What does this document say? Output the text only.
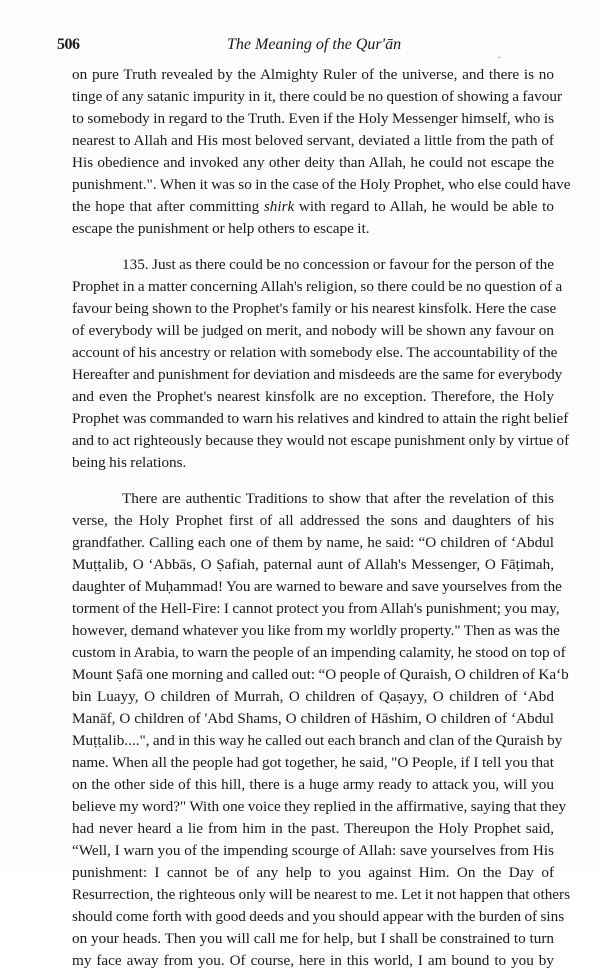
506	The Meaning of the Qur'ān
.
on pure Truth revealed by the Almighty Ruler of the universe, and there is no
tinge of any satanic impurity in it, there could be no question of showing a favour
to somebody in regard to the Truth. Even if the Holy Messenger himself, who is
nearest to Allah and His most beloved servant, deviated a little from the path of
His obedience and invoked any other deity than Allah, he could not escape the
punishment.". When it was so in the case of the Holy Prophet, who else could have
the hope that after committing shirk with regard to Allah, he would be able to
escape the punishment or help others to escape it.
135. Just as there could be no concession or favour for the person of the
Prophet in a matter concerning Allah's religion, so there could be no question of a
favour being shown to the Prophet's family or his nearest kinsfolk. Here the case
of everybody will be judged on merit, and nobody will be shown any favour on
account of his ancestry or relation with somebody else. The accountability of the
Hereafter and punishment for deviation and misdeeds are the same for everybody
and even the Prophet's nearest kinsfolk are no exception. Therefore, the Holy
Prophet was commanded to warn his relatives and kindred to attain the right belief
and to act righteously because they would not escape punishment only by virtue of
being his relations.
There are authentic Traditions to show that after the revelation of this
verse, the Holy Prophet first of all addressed the sons and daughters of his
grandfather. Calling each one of them by name, he said: “O children of ‘Abdul
Muṭṭalib, O ‘Abbās, O Ṣafiah, paternal aunt of Allah's Messenger, O Fāṭimah,
daughter of Muḥammad! You are warned to beware and save yourselves from the
torment of the Hell-Fire: I cannot protect you from Allah's punishment; you may,
however, demand whatever you like from my worldly property." Then as was the
custom in Arabia, to warn the people of an impending calamity, he stood on top of
Mount Ṣafā one morning and called out: “O people of Quraish, O children of Ka‘b
bin Luayy, O children of Murrah, O children of Qaṣayy, O children of ‘Abd
Manāf, O children of 'Abd Shams, O children of Hāshim, O children of ‘Abdul
Muṭṭalib....", and in this way he called out each branch and clan of the Quraish by
name. When all the people had got together, he said, "O People, if I tell you that
on the other side of this hill, there is a huge army ready to attack you, will you
believe my word?" With one voice they replied in the affirmative, saying that they
had never heard a lie from him in the past. Thereupon the Holy Prophet said,
“Well, I warn you of the impending scourge of Allah: save yourselves from His
punishment: I cannot be of any help to you against Him. On the Day of
Resurrection, the righteous only will be nearest to me. Let it not happen that others
should come forth with good deeds and you should appear with the burden of sins
on your heads. Then you will call me for help, but I shall be constrained to turn
my face away from you. Of course, here in this world, I am bound to you by
